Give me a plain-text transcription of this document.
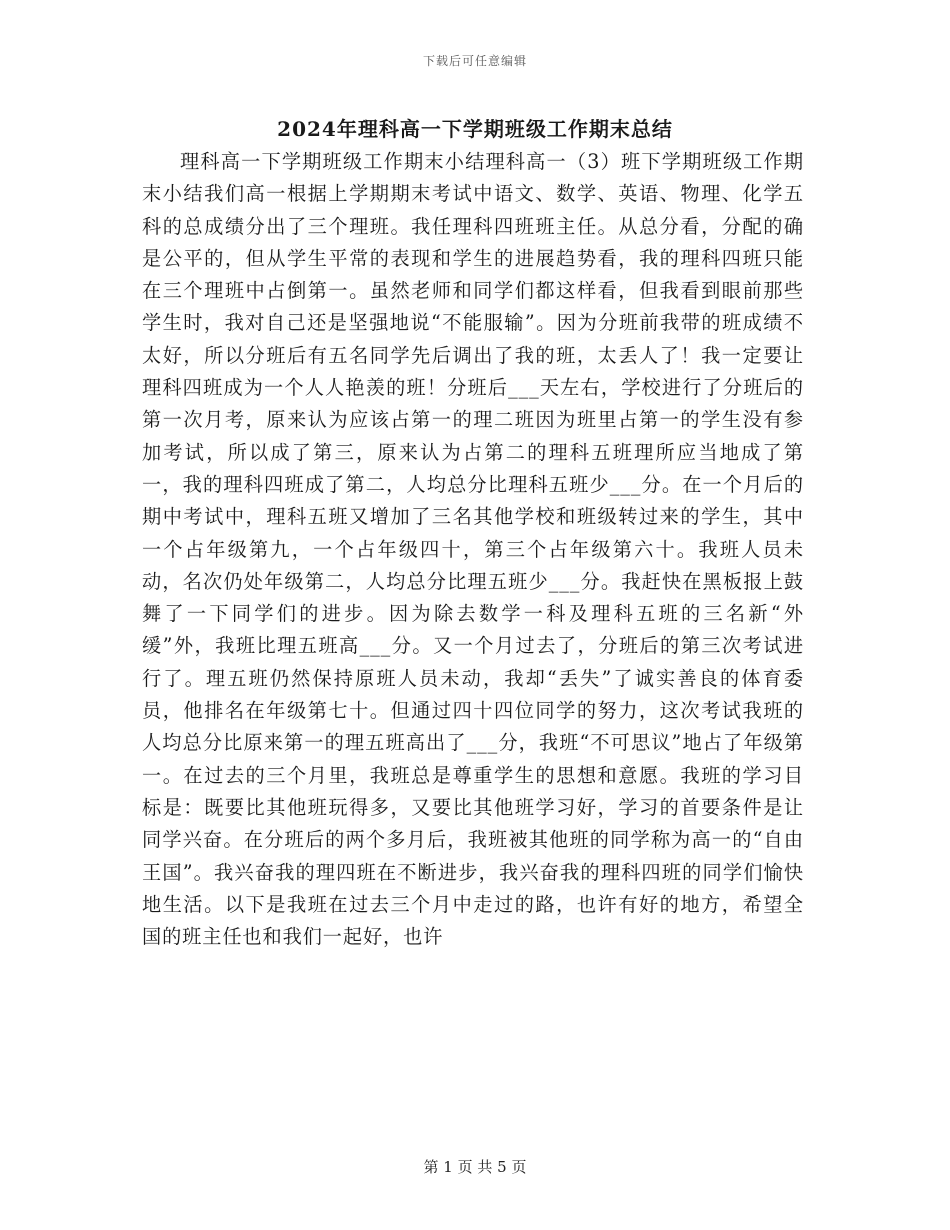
下载后可任意编辑
2024年理科高一下学期班级工作期末总结

理科高一下学期班级工作期末小结理科高一（3）班下学期班级工作期末小结我们高一根据上学期期末考试中语文、数学、英语、物理、化学五科的总成绩分出了三个理班。我任理科四班班主任。从总分看，分配的确是公平的，但从学生平常的表现和学生的进展趋势看，我的理科四班只能在三个理班中占倒第一。虽然老师和同学们都这样看，但我看到眼前那些学生时，我对自己还是坚强地说“不能服输”。因为分班前我带的班成绩不太好，所以分班后有五名同学先后调出了我的班，太丢人了！我一定要让理科四班成为一个人人艳羡的班！分班后___天左右，学校进行了分班后的第一次月考，原来认为应该占第一的理二班因为班里占第一的学生没有参加考试，所以成了第三，原来认为占第二的理科五班理所应当地成了第一，我的理科四班成了第二，人均总分比理科五班少___分。在一个月后的期中考试中，理科五班又增加了三名其他学校和班级转过来的学生，其中一个占年级第九，一个占年级四十，第三个占年级第六十。我班人员未动，名次仍处年级第二，人均总分比理五班少___分。我赶快在黑板报上鼓舞了一下同学们的进步。因为除去数学一科及理科五班的三名新“外缓”外，我班比理五班高___分。又一个月过去了，分班后的第三次考试进行了。理五班仍然保持原班人员未动，我却“丢失”了诚实善良的体育委员，他排名在年级第七十。但通过四十四位同学的努力，这次考试我班的人均总分比原来第一的理五班高出了___分，我班“不可思议”地占了年级第一。在过去的三个月里，我班总是尊重学生的思想和意愿。我班的学习目标是：既要比其他班玩得多，又要比其他班学习好，学习的首要条件是让同学兴奋。在分班后的两个多月后，我班被其他班的同学称为高一的“自由王国”。我兴奋我的理四班在不断进步，我兴奋我的理科四班的同学们愉快地生活。以下是我班在过去三个月中走过的路，也许有好的地方，希望全国的班主任也和我们一起好，也许

第 1 页 共 5 页
